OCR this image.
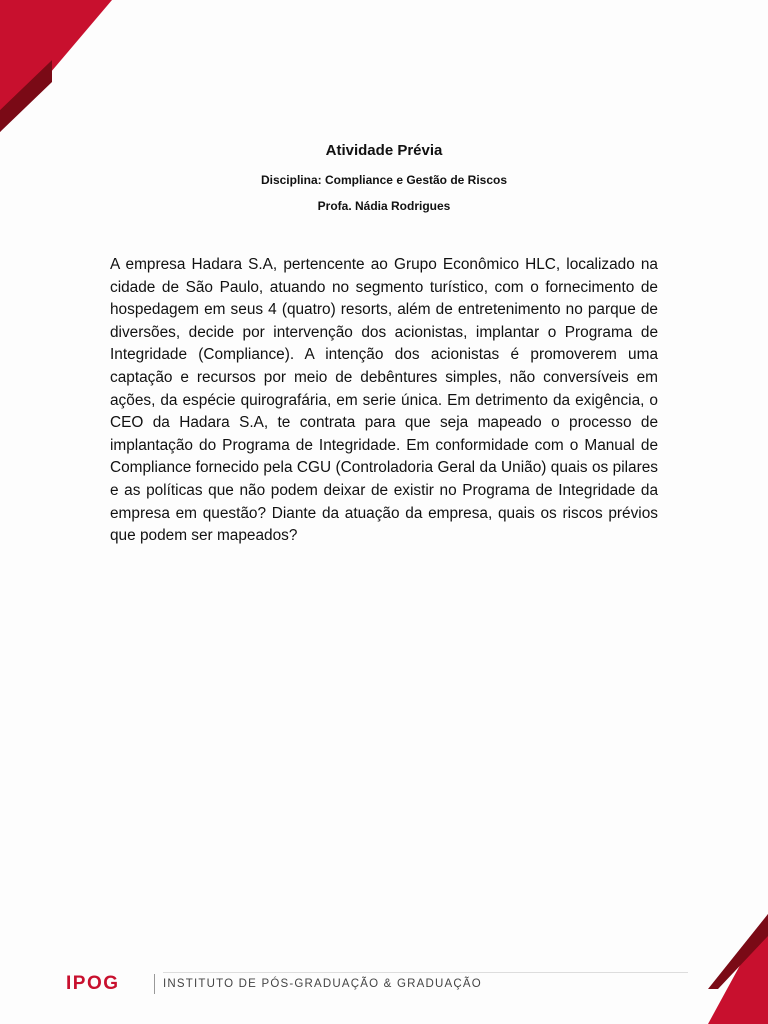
Atividade Prévia

Disciplina: Compliance e Gestão de Riscos

Profa. Nádia Rodrigues

A empresa Hadara S.A, pertencente ao Grupo Econômico HLC, localizado na cidade de São Paulo, atuando no segmento turístico, com o fornecimento de hospedagem em seus 4 (quatro) resorts, além de entretenimento no parque de diversões, decide por intervenção dos acionistas, implantar o Programa de Integridade (Compliance). A intenção dos acionistas é promoverem uma captação e recursos por meio de debêntures simples, não conversíveis em ações, da espécie quirografária, em serie única. Em detrimento da exigência, o CEO da Hadara S.A, te contrata para que seja mapeado o processo de implantação do Programa de Integridade. Em conformidade com o Manual de Compliance fornecido pela CGU (Controladoria Geral da União) quais os pilares e as políticas que não podem deixar de existir no Programa de Integridade da empresa em questão? Diante da atuação da empresa, quais os riscos prévios que podem ser mapeados?

IPOG	INSTITUTO DE PÓS-GRADUAÇÃO & GRADUAÇÃO
